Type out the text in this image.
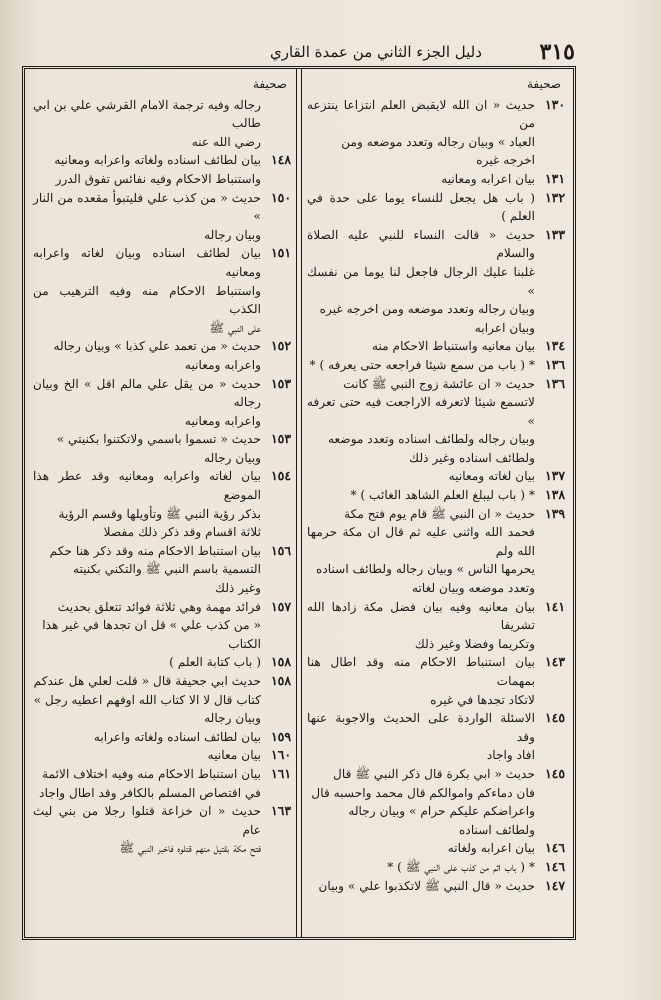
٣١٥
دليل الجزء الثاني من عمدة القاري
صحيفة
١٣٠
حديث « ان الله لايقبض العلم انتزاعا ينتزعه من
العباد » وبيان رجاله وتعدد موضعه ومن
اخرجه غيره
١٣١
بيان اعرابه ومعانيه
١٣٢
( باب هل يجعل للنساء يوما على حدة في العلم )
١٣٣
حديث « قالت النساء للنبي عليه الصلاة والسلام
غلبنا عليك الرجال فاجعل لنا يوما من نفسك »
وبيان رجاله وتعدد موضعه ومن اخرجه غيره
وبيان اعرابه
١٣٤
بيان معانيه واستنباط الاحكام منه
١٣٦
* ( باب من سمع شيئا فراجعه حتى يعرفه ) *
١٣٦
حديث « ان عائشة زوج النبي ﷺ كانت
لاتسمع شيئا لاتعرفه الاراجعت فيه حتى تعرفه »
وبيان رجاله ولطائف اسناده وتعدد موضعه
ولطائف اسناده وغير ذلك
١٣٧
بيان لغاته ومعانيه
١٣٨
* ( باب ليبلغ العلم الشاهد الغائب ) *
١٣٩
حديث « ان النبي ﷺ قام يوم فتح مكة
فحمد الله واثنى عليه ثم قال ان مكة حرمها الله ولم
يحرمها الناس » وبيان رجاله ولطائف اسناده
وتعدد موضعه وبيان لغاته
١٤١
بيان معانيه وفيه بيان فضل مكة زادها الله تشريفا
وتكريما وفضلا وغير ذلك
١٤٣
بيان استنباط الاحكام منه وقد اطال هنا بمهمات
لاتكاد تجدها في غيره
١٤٥
الاسئلة الواردة على الحديث والاجوبة عنها وقد
افاد واجاد
١٤٥
حديث « ابي بكرة قال ذكر النبي ﷺ قال
فان دماءكم واموالكم قال محمد واحسبه قال
واعراضكم عليكم حرام » وبيان رجاله
ولطائف اسناده
١٤٦
بيان اعرابه ولغاته
١٤٦
* ( باب اثم من كذب على النبي ﷺ ) *
١٤٧
حديث « قال النبي ﷺ لاتكذبوا علي » وبيان
صحيفة
رجاله وفيه ترجمة الامام القرشي علي بن ابي طالب
رضي الله عنه
١٤٨
بيان لطائف اسناده ولغاته واعرابه ومعانيه
واستنباط الاحكام وفيه نفائس تفوق الدرر
١٥٠
حديث « من كذب علي فليتبوأ مقعده من النار »
وبيان رجاله
١٥١
بيان لطائف اسناده وبيان لغاته واعرابه ومعانيه
واستنباط الاحكام منه وفيه الترهيب من الكذب
على النبي ﷺ
١٥٢
حديث « من تعمد علي كذبا » وبيان رجاله
واعرابه ومعانيه
١٥٣
حديث « من يقل علي مالم اقل » الخ وبيان رجاله
واعرابه ومعانيه
١٥٣
حديث « تسموا باسمي ولاتكتنوا بكنيتي »
وبيان رجاله
١٥٤
بيان لغاته واعرابه ومعانيه وقد عطر هذا الموضع
بذكر رؤية النبي ﷺ وتأويلها وقسم الرؤية
ثلاثة اقسام وقد ذكر ذلك مفصلا
١٥٦
بيان استنباط الاحكام منه وقد ذكر هنا حكم
التسمية باسم النبي ﷺ والتكني بكنيته
وغير ذلك
١٥٧
فرائد مهمة وهي ثلاثة فوائد تتعلق بحديث
« من كذب علي » قل ان تجدها في غير هذا
الكتاب
١٥٨
( باب كتابة العلم )
١٥٨
حديث ابي جحيفة قال « قلت لعلي هل عندكم
كتاب قال لا الا كتاب الله اوفهم اعطيه رجل »
وبيان رجاله
١٥٩
بيان لطائف اسناده ولغاته واعرابه
١٦٠
بيان معانيه
١٦١
بيان استنباط الاحكام منه وفيه اختلاف الائمة
في اقتصاص المسلم بالكافر وقد اطال واجاد
١٦٣
حديث « ان خزاعة قتلوا رجلا من بني ليث عام
فتح مكة بقتيل منهم قتلوه فاخبر النبي ﷺ
